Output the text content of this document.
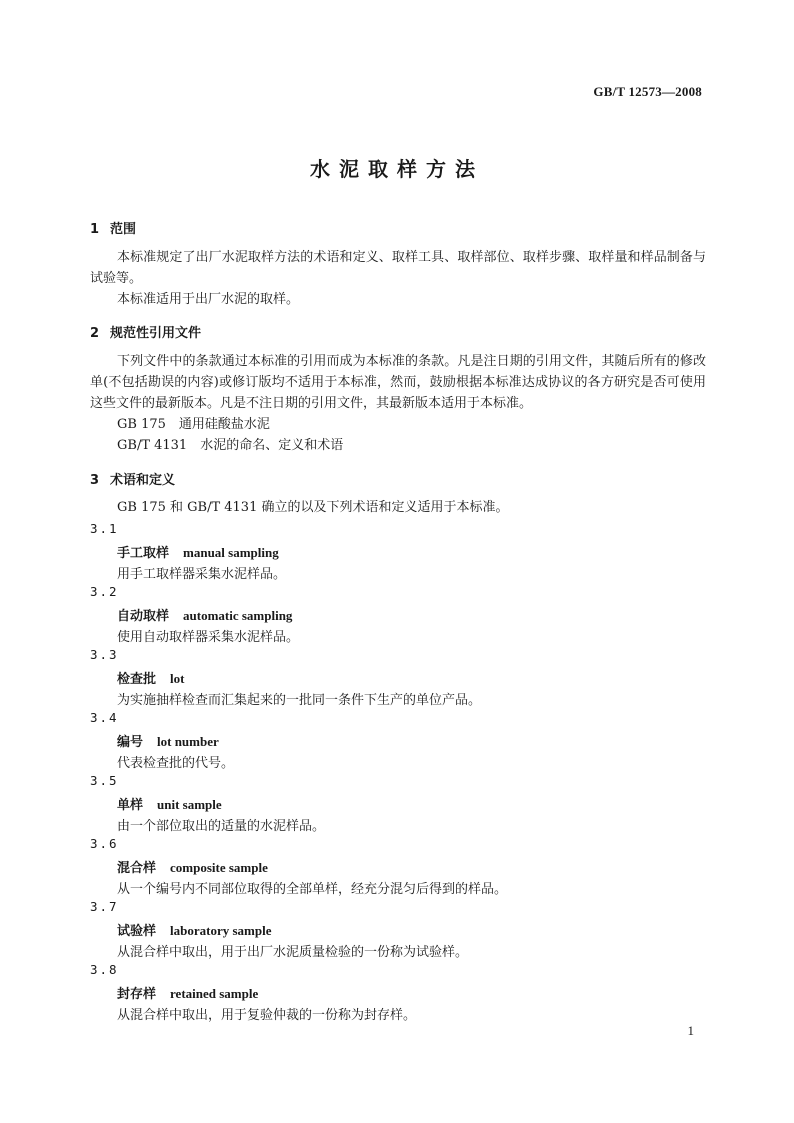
GB/T 12573—2008
水泥取样方法
1 范围
本标准规定了出厂水泥取样方法的术语和定义、取样工具、取样部位、取样步骤、取样量和样品制备与试验等。
本标准适用于出厂水泥的取样。
2 规范性引用文件
下列文件中的条款通过本标准的引用而成为本标准的条款。凡是注日期的引用文件，其随后所有的修改单(不包括勘误的内容)或修订版均不适用于本标准，然而，鼓励根据本标准达成协议的各方研究是否可使用这些文件的最新版本。凡是不注日期的引用文件，其最新版本适用于本标准。
GB 175　通用硅酸盐水泥
GB/T 4131　水泥的命名、定义和术语
3 术语和定义
GB 175 和 GB/T 4131 确立的以及下列术语和定义适用于本标准。
3.1
手工取样 manual sampling
用手工取样器采集水泥样品。
3.2
自动取样 automatic sampling
使用自动取样器采集水泥样品。
3.3
检查批 lot
为实施抽样检查而汇集起来的一批同一条件下生产的单位产品。
3.4
编号 lot number
代表检查批的代号。
3.5
单样 unit sample
由一个部位取出的适量的水泥样品。
3.6
混合样 composite sample
从一个编号内不同部位取得的全部单样，经充分混匀后得到的样品。
3.7
试验样 laboratory sample
从混合样中取出，用于出厂水泥质量检验的一份称为试验样。
3.8
封存样 retained sample
从混合样中取出，用于复验仲裁的一份称为封存样。
1
